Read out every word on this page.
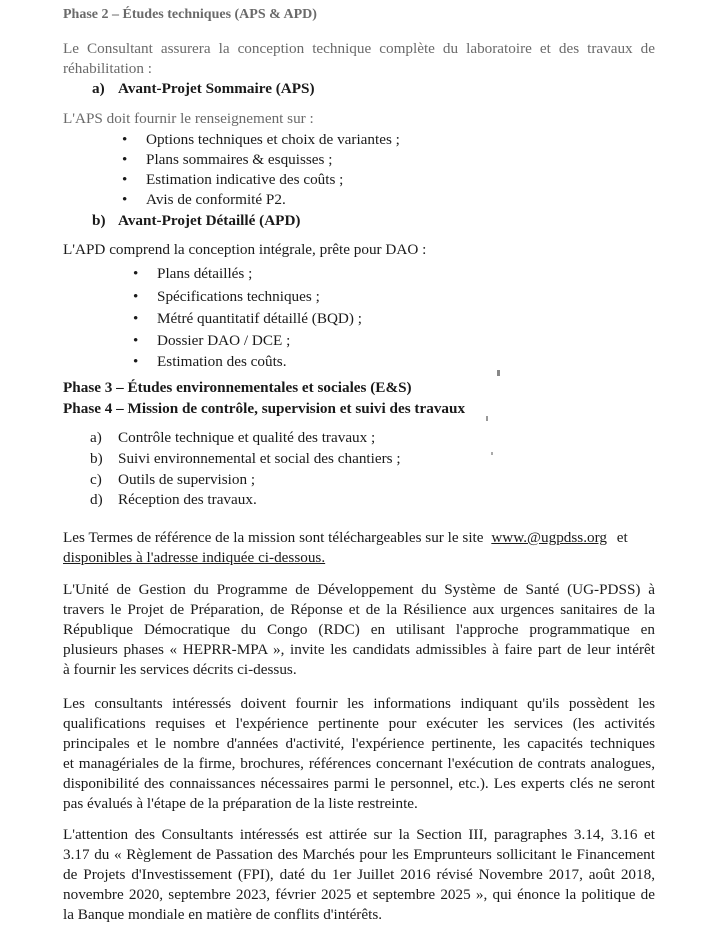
Phase 2 – Études techniques (APS & APD)
Le Consultant assurera la conception technique complète du laboratoire et des travaux de
réhabilitation :
a) Avant-Projet Sommaire (APS)
L'APS doit fournir le renseignement sur :
• Options techniques et choix de variantes ;
• Plans sommaires & esquisses ;
• Estimation indicative des coûts ;
• Avis de conformité P2.
b) Avant-Projet Détaillé (APD)
L'APD comprend la conception intégrale, prête pour DAO :
• Plans détaillés ;
• Spécifications techniques ;
• Métré quantitatif détaillé (BQD) ;
• Dossier DAO / DCE ;
• Estimation des coûts.
Phase 3 – Études environnementales et sociales (E&S)
Phase 4 – Mission de contrôle, supervision et suivi des travaux
a) Contrôle technique et qualité des travaux ;
b) Suivi environnemental et social des chantiers ;
c) Outils de supervision ;
d) Réception des travaux.
Les Termes de référence de la mission sont téléchargeables sur le site www.@ugpdss.org et
disponibles à l'adresse indiquée ci-dessous.
L'Unité de Gestion du Programme de Développement du Système de Santé (UG-PDSS) à
travers le Projet de Préparation, de Réponse et de la Résilience aux urgences sanitaires de la
République Démocratique du Congo (RDC) en utilisant l'approche programmatique en
plusieurs phases « HEPRR-MPA », invite les candidats admissibles à faire part de leur intérêt
à fournir les services décrits ci-dessus.
Les consultants intéressés doivent fournir les informations indiquant qu'ils possèdent les
qualifications requises et l'expérience pertinente pour exécuter les services (les activités
principales et le nombre d'années d'activité, l'expérience pertinente, les capacités techniques
et managériales de la firme, brochures, références concernant l'exécution de contrats analogues,
disponibilité des connaissances nécessaires parmi le personnel, etc.). Les experts clés ne seront
pas évalués à l'étape de la préparation de la liste restreinte.
L'attention des Consultants intéressés est attirée sur la Section III, paragraphes 3.14, 3.16 et
3.17 du « Règlement de Passation des Marchés pour les Emprunteurs sollicitant le Financement
de Projets d'Investissement (FPI), daté du 1er Juillet 2016 révisé Novembre 2017, août 2018,
novembre 2020, septembre 2023, février 2025 et septembre 2025 », qui énonce la politique de
la Banque mondiale en matière de conflits d'intérêts.
